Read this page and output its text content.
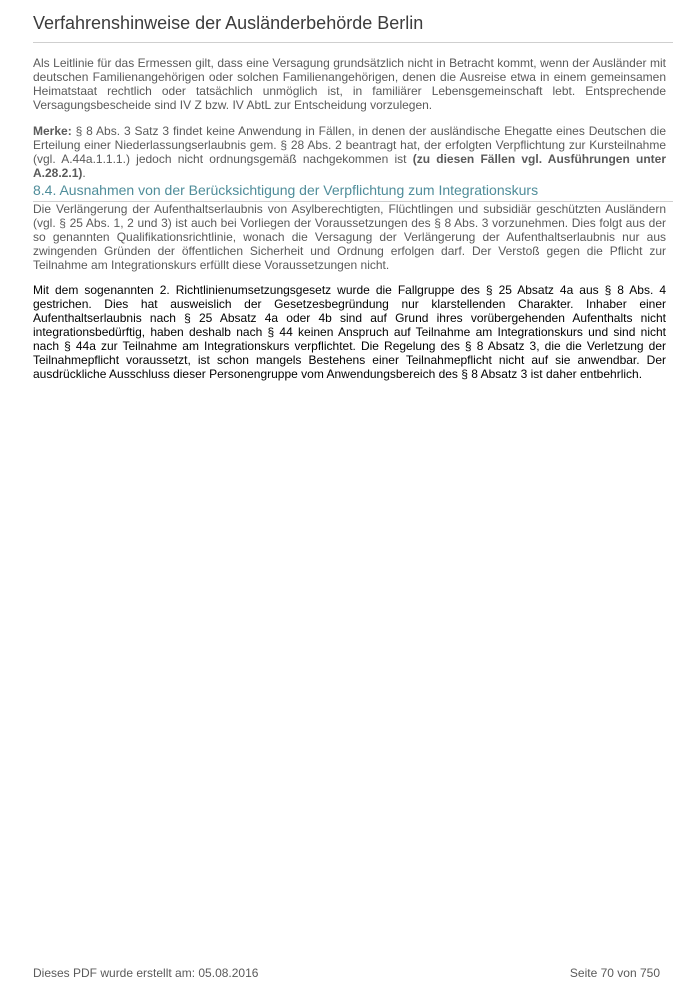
Verfahrenshinweise der Ausländerbehörde Berlin
Als Leitlinie für das Ermessen gilt, dass eine Versagung grundsätzlich nicht in Betracht kommt, wenn der Ausländer mit deutschen Familienangehörigen oder solchen Familienangehörigen, denen die Ausreise etwa in einem gemeinsamen Heimatstaat rechtlich oder tatsächlich unmöglich ist, in familiärer Lebensgemeinschaft lebt. Entsprechende Versagungsbescheide sind IV Z bzw. IV AbtL zur Entscheidung vorzulegen.
Merke: § 8 Abs. 3 Satz 3 findet keine Anwendung in Fällen, in denen der ausländische Ehegatte eines Deutschen die Erteilung einer Niederlassungserlaubnis gem. § 28 Abs. 2 beantragt hat, der erfolgten Verpflichtung zur Kursteilnahme (vgl. A.44a.1.1.1.) jedoch nicht ordnungsgemäß nachgekommen ist (zu diesen Fällen vgl. Ausführungen unter A.28.2.1).
8.4. Ausnahmen von der Berücksichtigung der Verpflichtung zum Integrationskurs
Die Verlängerung der Aufenthaltserlaubnis von Asylberechtigten, Flüchtlingen und subsidiär geschützten Ausländern (vgl. § 25 Abs. 1, 2 und 3) ist auch bei Vorliegen der Voraussetzungen des § 8 Abs. 3 vorzunehmen. Dies folgt aus der so genannten Qualifikationsrichtlinie, wonach die Versagung der Verlängerung der Aufenthaltserlaubnis nur aus zwingenden Gründen der öffentlichen Sicherheit und Ordnung erfolgen darf. Der Verstoß gegen die Pflicht zur Teilnahme am Integrationskurs erfüllt diese Voraussetzungen nicht.
Mit dem sogenannten 2. Richtlinienumsetzungsgesetz wurde die Fallgruppe des § 25 Absatz 4a aus § 8 Abs. 4 gestrichen. Dies hat ausweislich der Gesetzesbegründung nur klarstellenden Charakter. Inhaber einer Aufenthaltserlaubnis nach § 25 Absatz 4a oder 4b sind auf Grund ihres vorübergehenden Aufenthalts nicht integrationsbedürftig, haben deshalb nach § 44 keinen Anspruch auf Teilnahme am Integrationskurs und sind nicht nach § 44a zur Teilnahme am Integrationskurs verpflichtet. Die Regelung des § 8 Absatz 3, die die Verletzung der Teilnahmepflicht voraussetzt, ist schon mangels Bestehens einer Teilnahmepflicht nicht auf sie anwendbar. Der ausdrückliche Ausschluss dieser Personengruppe vom Anwendungsbereich des § 8 Absatz 3 ist daher entbehrlich.
Dieses PDF wurde erstellt am: 05.08.2016	Seite 70 von 750
